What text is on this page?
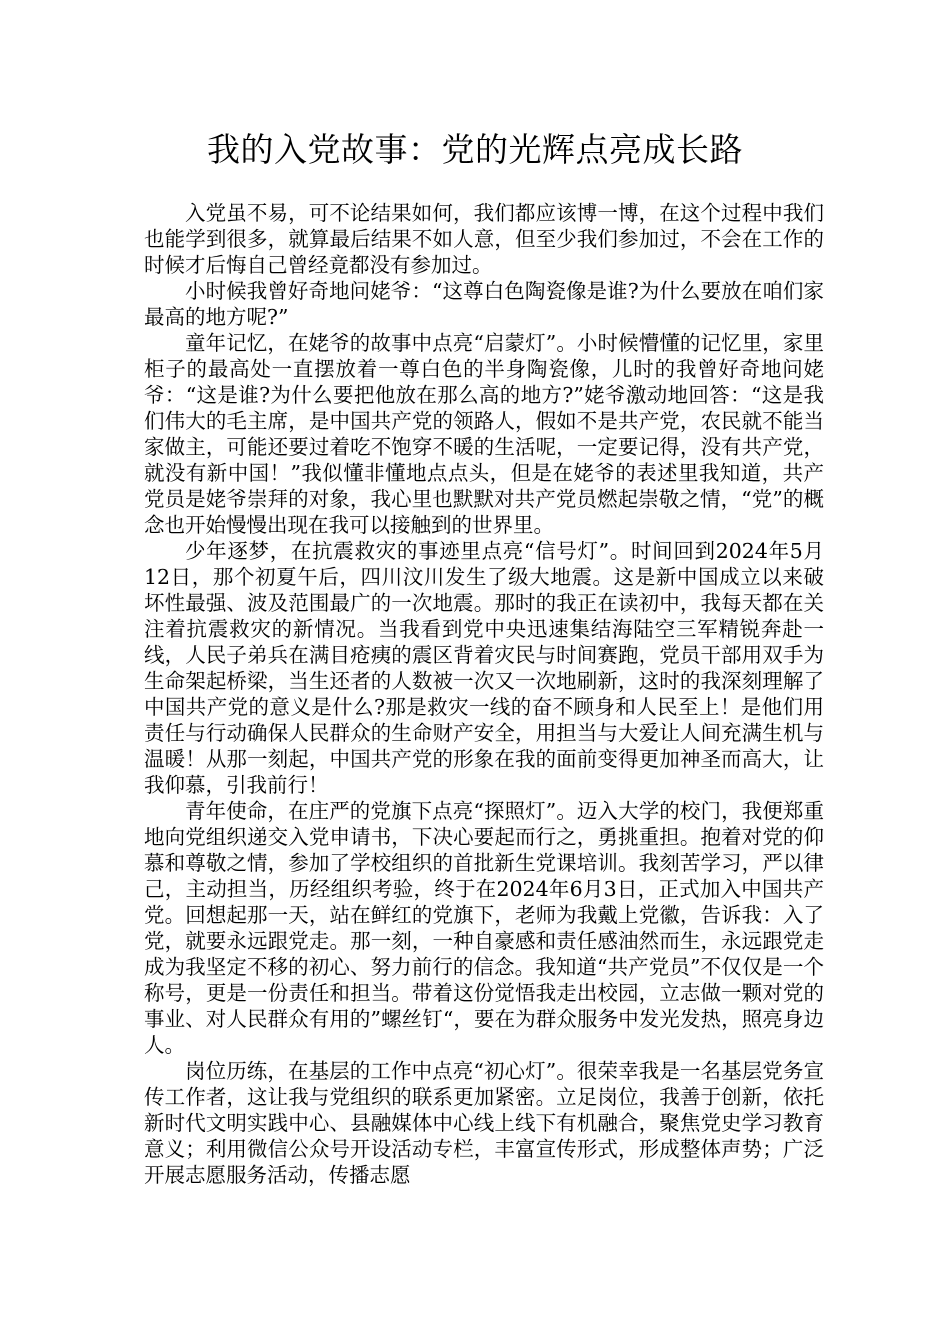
我的入党故事：党的光辉点亮成长路

入党虽不易，可不论结果如何，我们都应该博一博，在这个过程中我们也能学到很多，就算最后结果不如人意，但至少我们参加过，不会在工作的时候才后悔自己曾经竟都没有参加过。

小时候我曾好奇地问姥爷：“这尊白色陶瓷像是谁?为什么要放在咱们家最高的地方呢?”

童年记忆，在姥爷的故事中点亮“启蒙灯”。小时候懵懂的记忆里，家里柜子的最高处一直摆放着一尊白色的半身陶瓷像，儿时的我曾好奇地问姥爷：“这是谁?为什么要把他放在那么高的地方?”姥爷激动地回答：“这是我们伟大的毛主席，是中国共产党的领路人，假如不是共产党，农民就不能当家做主，可能还要过着吃不饱穿不暖的生活呢，一定要记得，没有共产党，就没有新中国！”我似懂非懂地点点头，但是在姥爷的表述里我知道，共产党员是姥爷崇拜的对象，我心里也默默对共产党员燃起崇敬之情，“党”的概念也开始慢慢出现在我可以接触到的世界里。

少年逐梦，在抗震救灾的事迹里点亮“信号灯”。时间回到2024年5月12日，那个初夏午后，四川汶川发生了级大地震。这是新中国成立以来破坏性最强、波及范围最广的一次地震。那时的我正在读初中，我每天都在关注着抗震救灾的新情况。当我看到党中央迅速集结海陆空三军精锐奔赴一线，人民子弟兵在满目疮痍的震区背着灾民与时间赛跑，党员干部用双手为生命架起桥梁，当生还者的人数被一次又一次地刷新，这时的我深刻理解了中国共产党的意义是什么?那是救灾一线的奋不顾身和人民至上！是他们用责任与行动确保人民群众的生命财产安全，用担当与大爱让人间充满生机与温暖！从那一刻起，中国共产党的形象在我的面前变得更加神圣而高大，让我仰慕，引我前行！

青年使命，在庄严的党旗下点亮“探照灯”。迈入大学的校门，我便郑重地向党组织递交入党申请书，下决心要起而行之，勇挑重担。抱着对党的仰慕和尊敬之情，参加了学校组织的首批新生党课培训。我刻苦学习，严以律己，主动担当，历经组织考验，终于在2024年6月3日，正式加入中国共产党。回想起那一天，站在鲜红的党旗下，老师为我戴上党徽，告诉我：入了党，就要永远跟党走。那一刻，一种自豪感和责任感油然而生，永远跟党走成为我坚定不移的初心、努力前行的信念。我知道“共产党员”不仅仅是一个称号，更是一份责任和担当。带着这份觉悟我走出校园，立志做一颗对党的事业、对人民群众有用的”螺丝钉“，要在为群众服务中发光发热，照亮身边人。

岗位历练，在基层的工作中点亮“初心灯”。很荣幸我是一名基层党务宣传工作者，这让我与党组织的联系更加紧密。立足岗位，我善于创新，依托新时代文明实践中心、县融媒体中心线上线下有机融合，聚焦党史学习教育意义；利用微信公众号开设活动专栏，丰富宣传形式，形成整体声势；广泛开展志愿服务活动，传播志愿
